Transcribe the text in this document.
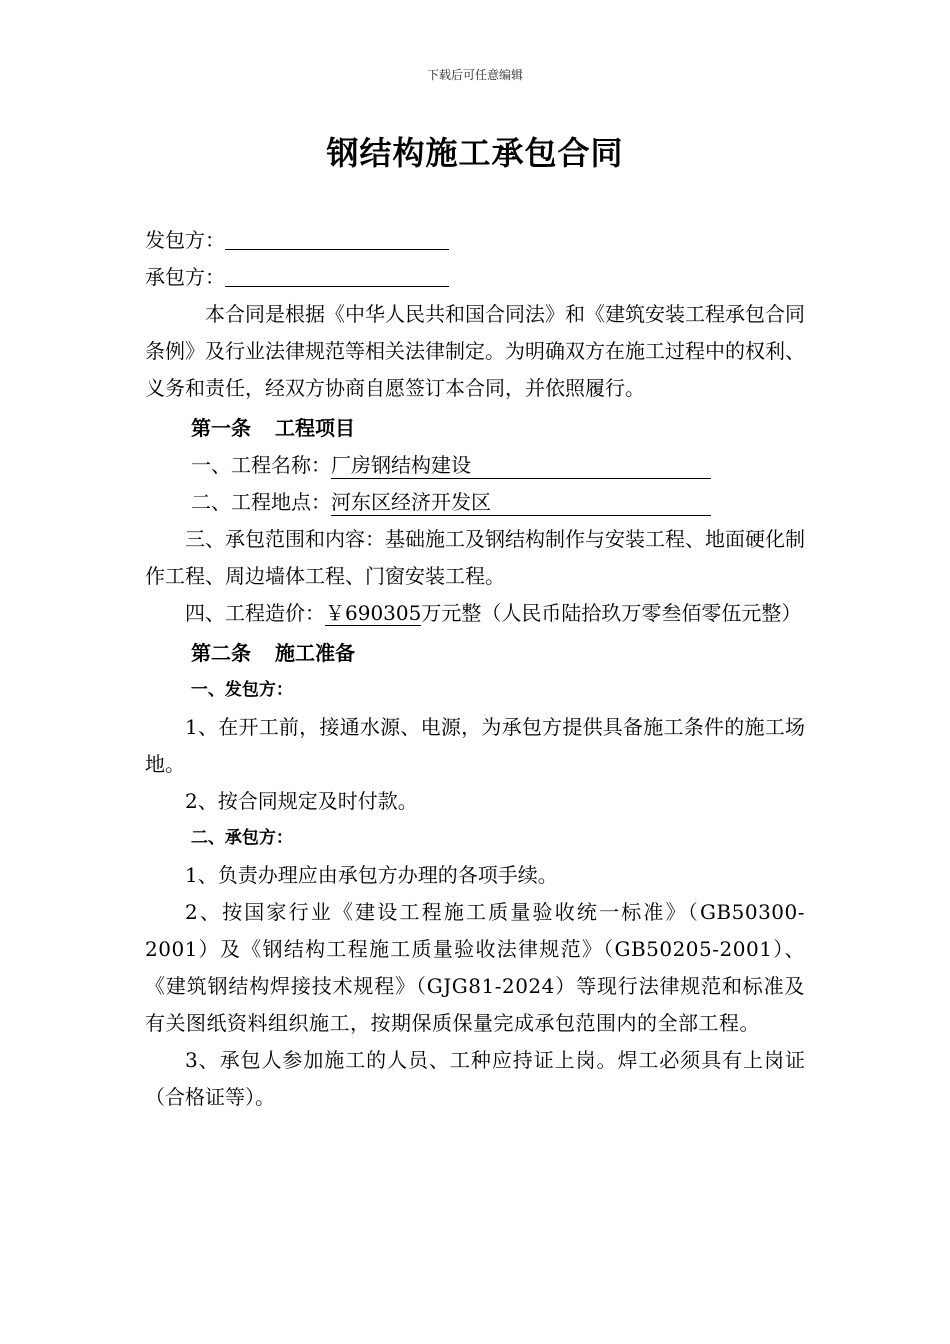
下载后可任意编辑
钢结构施工承包合同
发包方：
承包方：
本合同是根据《中华人民共和国合同法》和《建筑安装工程承包合同条例》及行业法律规范等相关法律制定。为明确双方在施工过程中的权利、义务和责任，经双方协商自愿签订本合同，并依照履行。
第一条 工程项目
一、工程名称：厂房钢结构建设
二、工程地点：河东区经济开发区
三、承包范围和内容：基础施工及钢结构制作与安装工程、地面硬化制作工程、周边墙体工程、门窗安装工程。
四、工程造价：￥690305万元整（人民币陆拾玖万零叁佰零伍元整）
第二条 施工准备
一、发包方：
1、在开工前，接通水源、电源，为承包方提供具备施工条件的施工场地。
2、按合同规定及时付款。
二、承包方：
1、负责办理应由承包方办理的各项手续。
2、按国家行业《建设工程施工质量验收统一标准》（GB50300-2001）及《钢结构工程施工质量验收法律规范》（GB50205-2001）、《建筑钢结构焊接技术规程》（GJG81-2024）等现行法律规范和标准及有关图纸资料组织施工，按期保质保量完成承包范围内的全部工程。
3、承包人参加施工的人员、工种应持证上岗。焊工必须具有上岗证（合格证等）。
